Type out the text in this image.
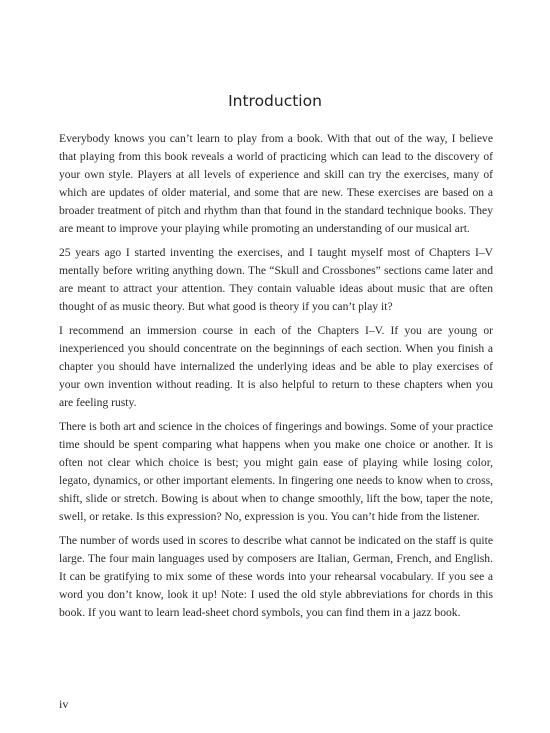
Introduction

Everybody knows you can’t learn to play from a book. With that out of the way, I believe that playing from this book reveals a world of practicing which can lead to the discovery of your own style. Players at all levels of experience and skill can try the exercises, many of which are updates of older material, and some that are new. These exercises are based on a broader treatment of pitch and rhythm than that found in the standard technique books. They are meant to improve your playing while promoting an understanding of our musical art.

25 years ago I started inventing the exercises, and I taught myself most of Chapters I–V mentally before writing anything down. The “Skull and Crossbones” sections came later and are meant to attract your attention. They contain valuable ideas about music that are often thought of as music theory. But what good is theory if you can’t play it?

I recommend an immersion course in each of the Chapters I–V. If you are young or inexperienced you should concentrate on the beginnings of each section. When you finish a chapter you should have internalized the underlying ideas and be able to play exercises of your own invention without reading. It is also helpful to return to these chapters when you are feeling rusty.

There is both art and science in the choices of fingerings and bowings. Some of your practice time should be spent comparing what happens when you make one choice or another. It is often not clear which choice is best; you might gain ease of playing while losing color, legato, dynamics, or other important elements. In fingering one needs to know when to cross, shift, slide or stretch. Bowing is about when to change smoothly, lift the bow, taper the note, swell, or retake. Is this expression? No, expression is you. You can’t hide from the listener.

The number of words used in scores to describe what cannot be indicated on the staff is quite large. The four main languages used by composers are Italian, German, French, and English. It can be gratifying to mix some of these words into your rehearsal vocabulary. If you see a word you don’t know, look it up! Note: I used the old style abbreviations for chords in this book. If you want to learn lead-sheet chord symbols, you can find them in a jazz book.

iv
